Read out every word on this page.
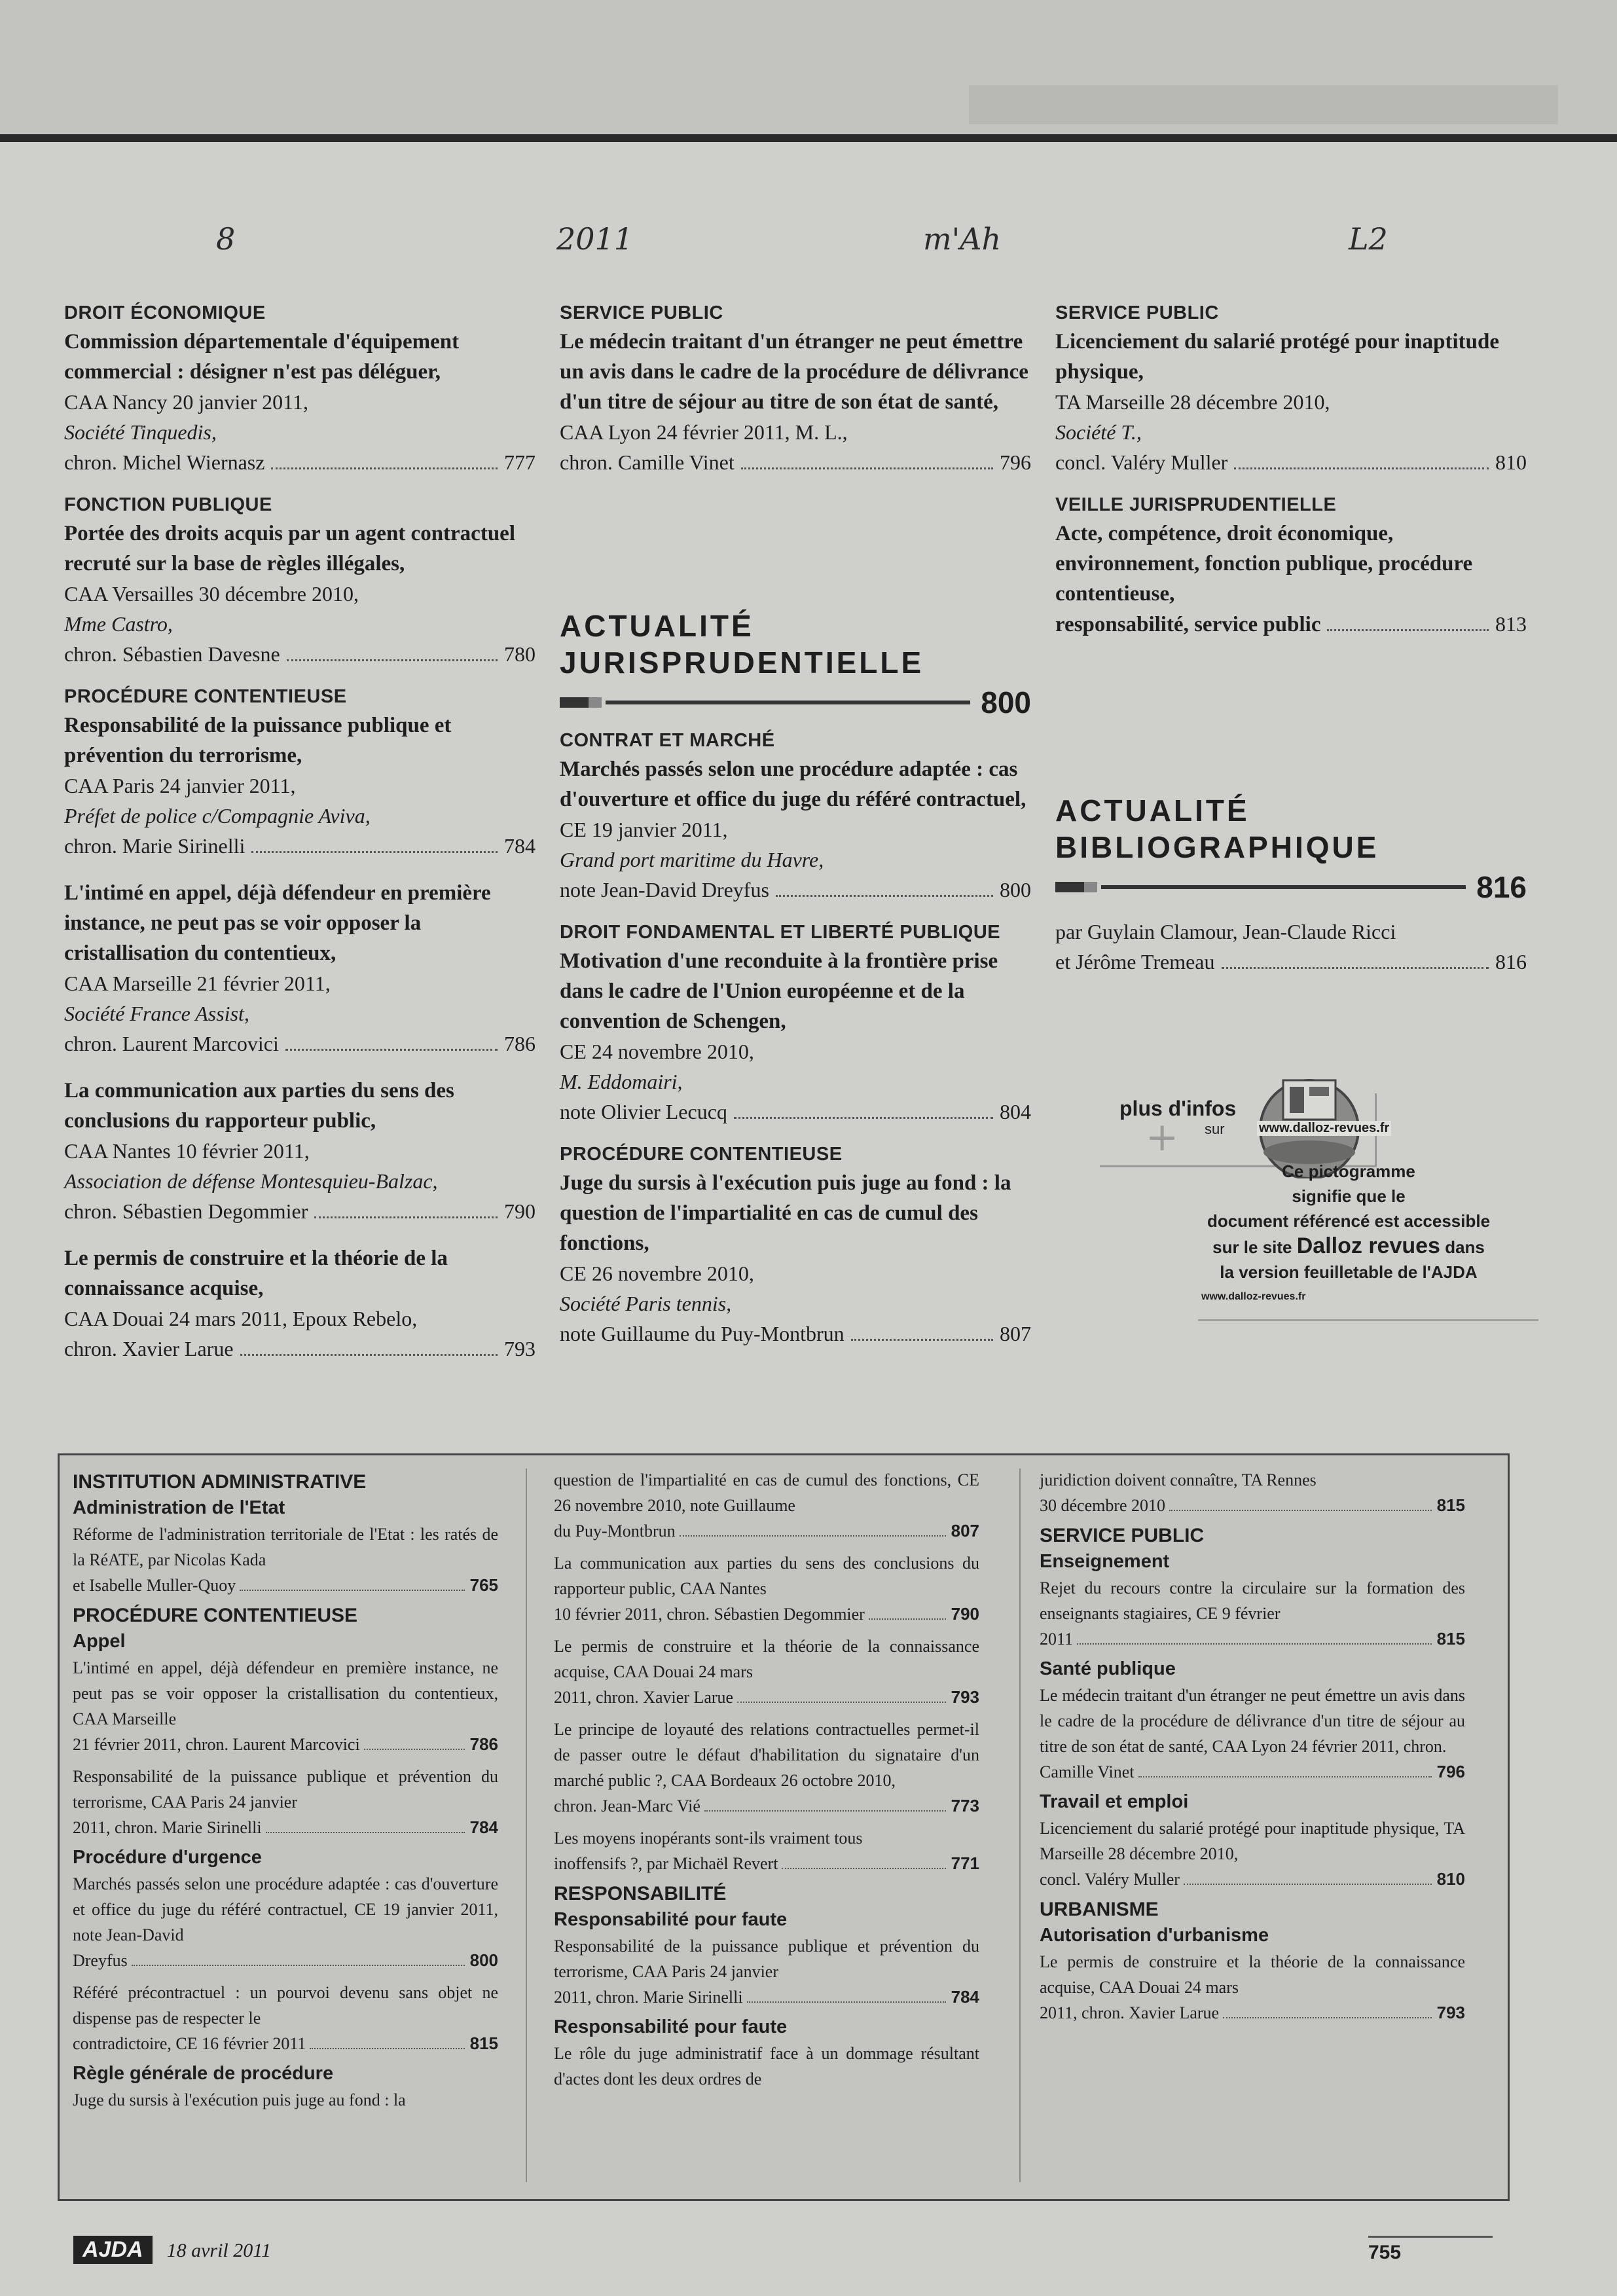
8	2011	m'Ah	L2
DROIT ÉCONOMIQUE
Commission départementale d'équipement commercial : désigner n'est pas déléguer,
CAA Nancy 20 janvier 2011,
Société Tinquedis,
chron. Michel Wiernasz	777
FONCTION PUBLIQUE
Portée des droits acquis par un agent contractuel recruté sur la base de règles illégales,
CAA Versailles 30 décembre 2010,
Mme Castro,
chron. Sébastien Davesne	780
PROCÉDURE CONTENTIEUSE
Responsabilité de la puissance publique et prévention du terrorisme,
CAA Paris 24 janvier 2011,
Préfet de police c/Compagnie Aviva,
chron. Marie Sirinelli	784
L'intimé en appel, déjà défendeur en première instance, ne peut pas se voir opposer la cristallisation du contentieux,
CAA Marseille 21 février 2011,
Société France Assist,
chron. Laurent Marcovici	786
La communication aux parties du sens des conclusions du rapporteur public,
CAA Nantes 10 février 2011,
Association de défense Montesquieu-Balzac,
chron. Sébastien Degommier	790
Le permis de construire et la théorie de la connaissance acquise,
CAA Douai 24 mars 2011, Epoux Rebelo,
chron. Xavier Larue	793
SERVICE PUBLIC
Le médecin traitant d'un étranger ne peut émettre un avis dans le cadre de la procédure de délivrance d'un titre de séjour au titre de son état de santé,
CAA Lyon 24 février 2011, M. L.,
chron. Camille Vinet	796
ACTUALITÉ
JURISPRUDENTIELLE
800
CONTRAT ET MARCHÉ
Marchés passés selon une procédure adaptée : cas d'ouverture et office du juge du référé contractuel,
CE 19 janvier 2011,
Grand port maritime du Havre,
note Jean-David Dreyfus	800
DROIT FONDAMENTAL ET LIBERTÉ PUBLIQUE
Motivation d'une reconduite à la frontière prise dans le cadre de l'Union européenne et de la convention de Schengen,
CE 24 novembre 2010,
M. Eddomairi,
note Olivier Lecucq	804
PROCÉDURE CONTENTIEUSE
Juge du sursis à l'exécution puis juge au fond : la question de l'impartialité en cas de cumul des fonctions,
CE 26 novembre 2010,
Société Paris tennis,
note Guillaume du Puy-Montbrun	807
SERVICE PUBLIC
Licenciement du salarié protégé pour inaptitude physique,
TA Marseille 28 décembre 2010,
Société T.,
concl. Valéry Muller	810
VEILLE JURISPRUDENTIELLE
Acte, compétence, droit économique, environnement, fonction publique, procédure contentieuse,
responsabilité, service public	813
ACTUALITÉ
BIBLIOGRAPHIQUE
816
par Guylain Clamour, Jean-Claude Ricci
et Jérôme Tremeau	816
plus d'infos
sur
+	www.dalloz-revues.fr
Ce pictogramme
signifie que le
document référencé est accessible
sur le site Dalloz revues dans
la version feuilletable de l'AJDA
www.dalloz-revues.fr
INSTITUTION ADMINISTRATIVE
Administration de l'Etat
Réforme de l'administration territoriale de l'Etat : les ratés de la RéATE, par Nicolas Kada
et Isabelle Muller-Quoy	765
PROCÉDURE CONTENTIEUSE
Appel
L'intimé en appel, déjà défendeur en première instance, ne peut pas se voir opposer la cristallisation du contentieux, CAA Marseille
21 février 2011, chron. Laurent Marcovici	786
Responsabilité de la puissance publique et prévention du terrorisme, CAA Paris 24 janvier
2011, chron. Marie Sirinelli	784
Procédure d'urgence
Marchés passés selon une procédure adaptée : cas d'ouverture et office du juge du référé contractuel, CE 19 janvier 2011, note Jean-David
Dreyfus	800
Référé précontractuel : un pourvoi devenu sans objet ne dispense pas de respecter le
contradictoire, CE 16 février 2011	815
Règle générale de procédure
Juge du sursis à l'exécution puis juge au fond : la
question de l'impartialité en cas de cumul des fonctions, CE 26 novembre 2010, note Guillaume
du Puy-Montbrun	807
La communication aux parties du sens des conclusions du rapporteur public, CAA Nantes
10 février 2011, chron. Sébastien Degommier	790
Le permis de construire et la théorie de la connaissance acquise, CAA Douai 24 mars
2011, chron. Xavier Larue	793
Le principe de loyauté des relations contractuelles permet-il de passer outre le défaut d'habilitation du signataire d'un marché public ?, CAA Bordeaux 26 octobre 2010,
chron. Jean-Marc Vié	773
Les moyens inopérants sont-ils vraiment tous
inoffensifs ?, par Michaël Revert	771
RESPONSABILITÉ
Responsabilité pour faute
Responsabilité de la puissance publique et prévention du terrorisme, CAA Paris 24 janvier
2011, chron. Marie Sirinelli	784
Responsabilité pour faute
Le rôle du juge administratif face à un dommage résultant d'actes dont les deux ordres de
juridiction doivent connaître, TA Rennes
30 décembre 2010	815
SERVICE PUBLIC
Enseignement
Rejet du recours contre la circulaire sur la formation des enseignants stagiaires, CE 9 février
2011	815
Santé publique
Le médecin traitant d'un étranger ne peut émettre un avis dans le cadre de la procédure de délivrance d'un titre de séjour au titre de son état de santé, CAA Lyon 24 février 2011, chron.
Camille Vinet	796
Travail et emploi
Licenciement du salarié protégé pour inaptitude physique, TA Marseille 28 décembre 2010,
concl. Valéry Muller	810
URBANISME
Autorisation d'urbanisme
Le permis de construire et la théorie de la connaissance acquise, CAA Douai 24 mars
2011, chron. Xavier Larue	793
AJDA 18 avril 2011	755
